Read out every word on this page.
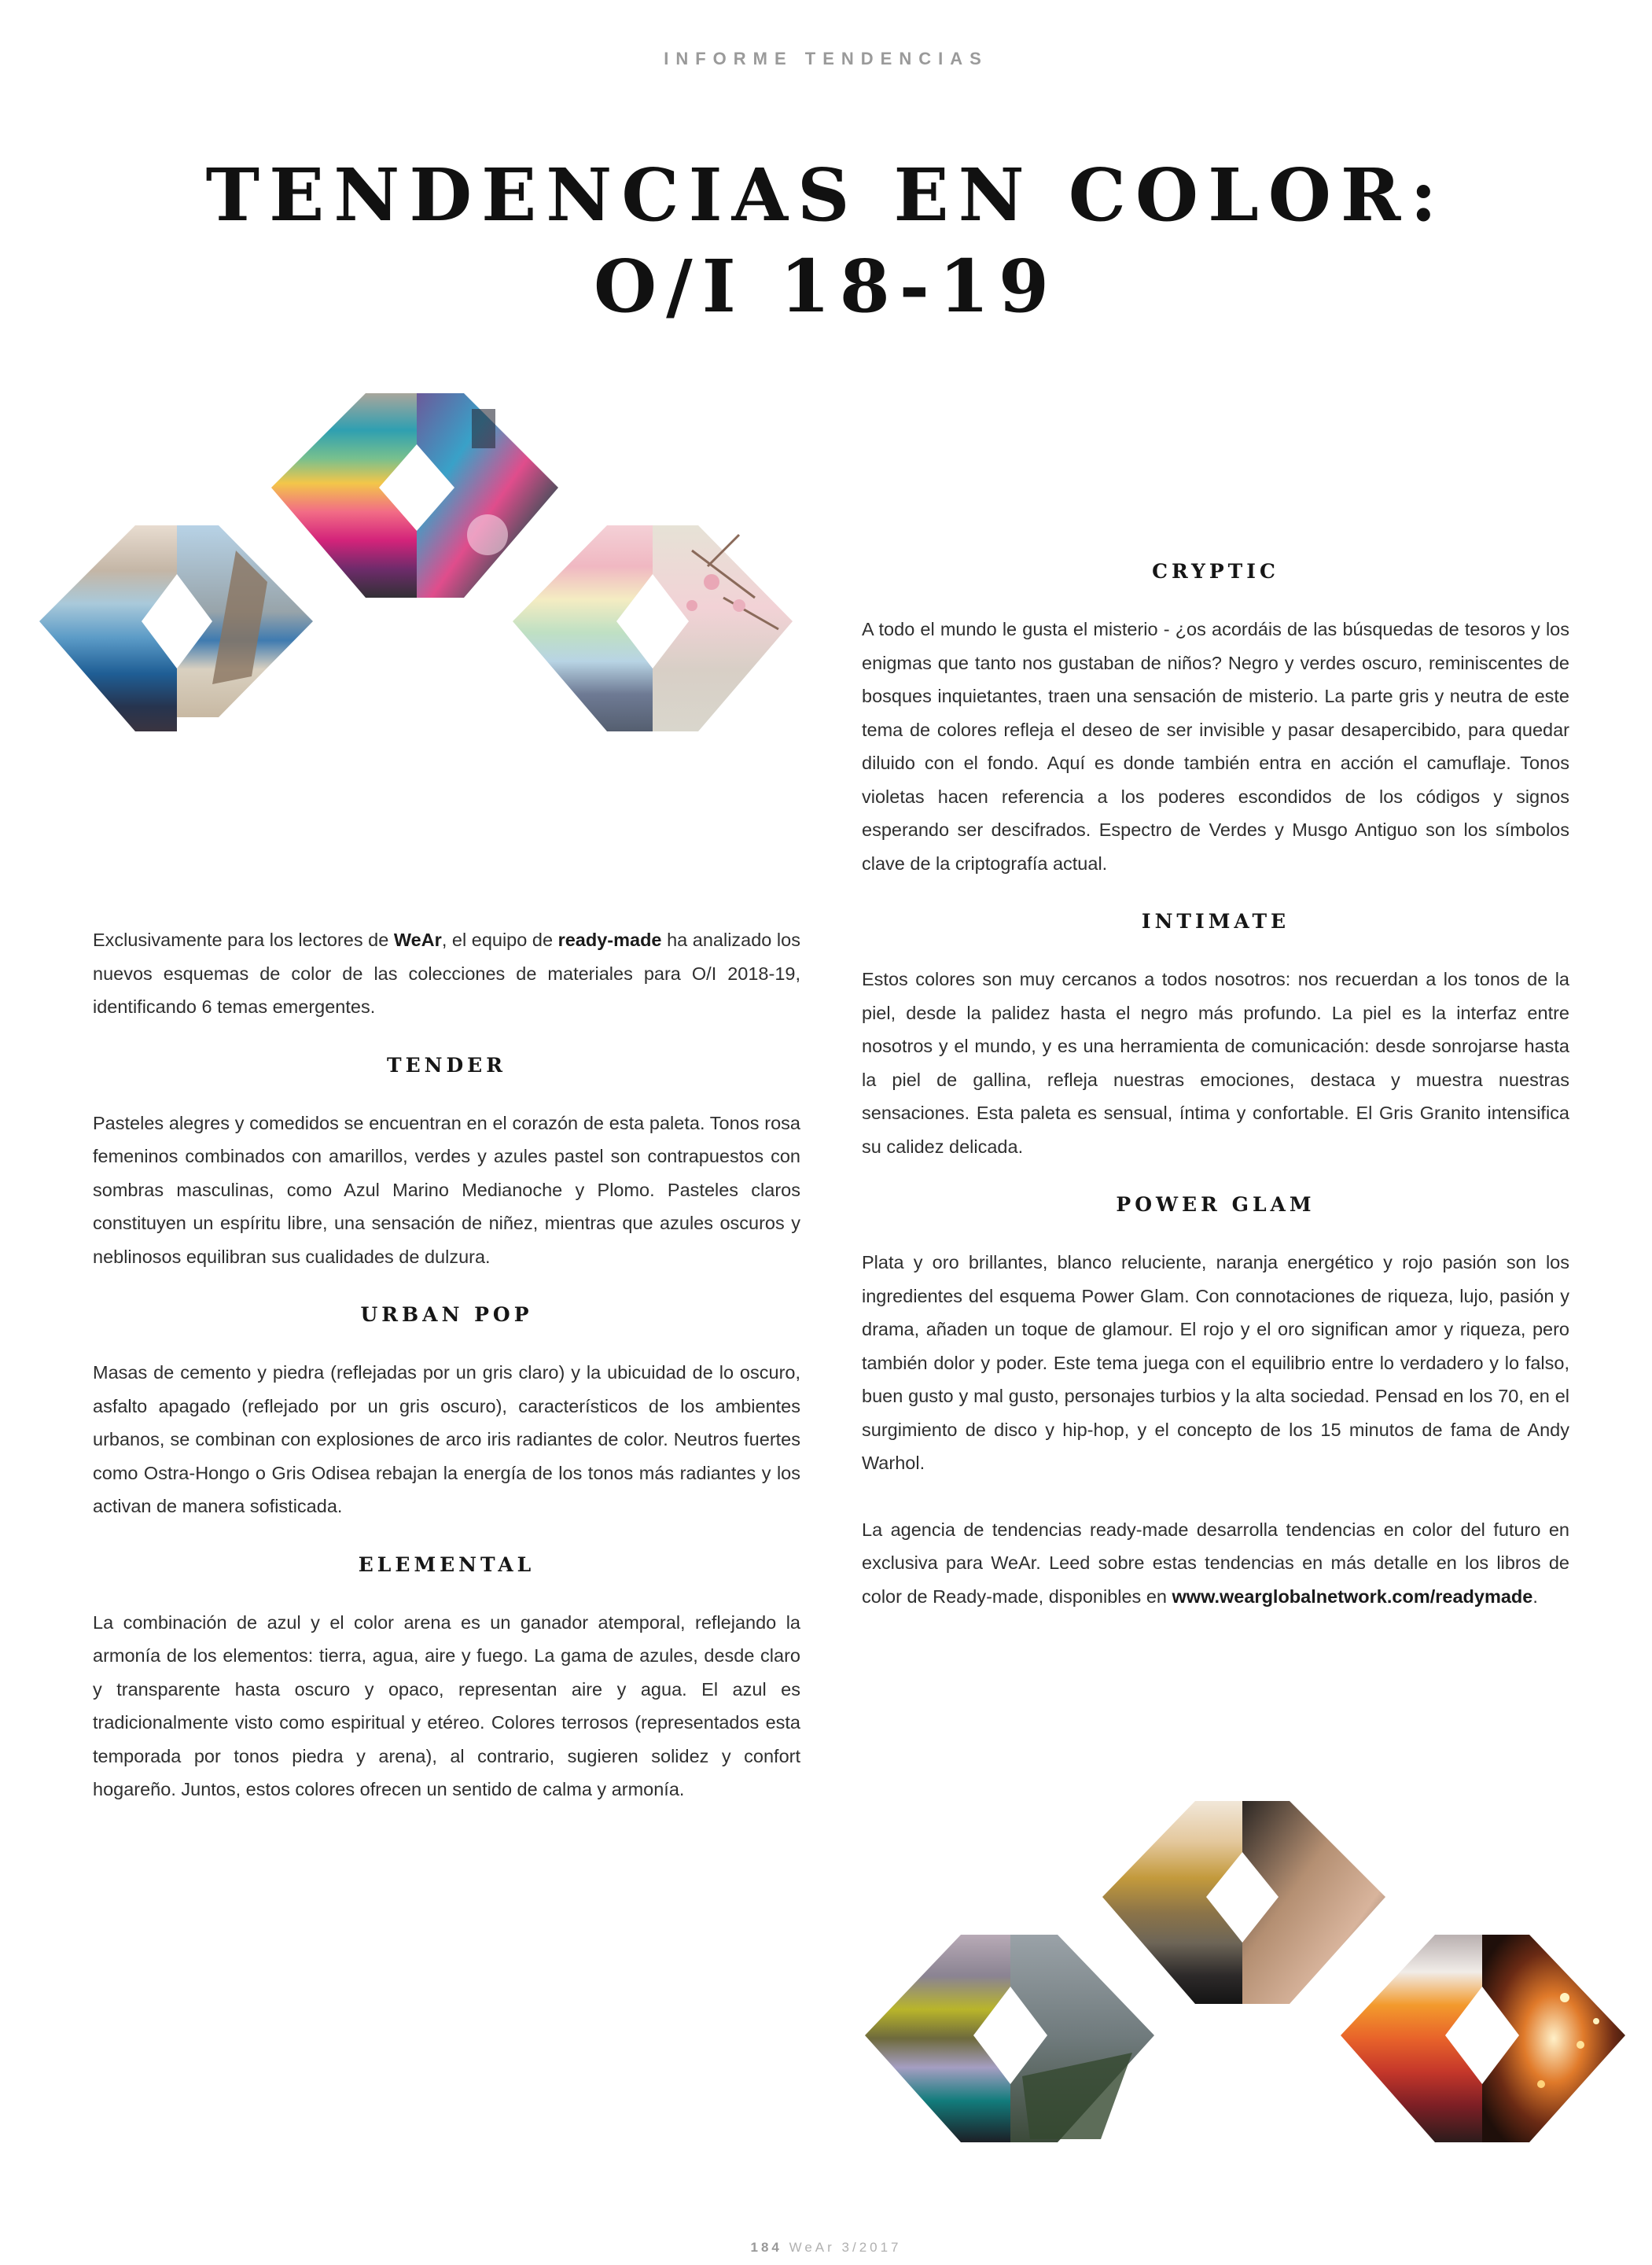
INFORME TENDENCIAS
TENDENCIAS EN COLOR:
O/I 18-19

Exclusivamente para los lectores de WeAr, el equipo de ready-made ha analizado los nuevos esquemas de color de las colecciones de materiales para O/I 2018-19, identificando 6 temas emergentes.

TENDER

Pasteles alegres y comedidos se encuentran en el corazón de esta paleta. Tonos rosa femeninos combinados con amarillos, verdes y azules pastel son contrapuestos con sombras masculinas, como Azul Marino Medianoche y Plomo. Pasteles claros constituyen un espíritu libre, una sensación de niñez, mientras que azules oscuros y neblinosos equilibran sus cualidades de dulzura.

URBAN POP

Masas de cemento y piedra (reflejadas por un gris claro) y la ubicuidad de lo oscuro, asfalto apagado (reflejado por un gris oscuro), característicos de los ambientes urbanos, se combinan con explosiones de arco iris radiantes de color. Neutros fuertes como Ostra-Hongo o Gris Odisea rebajan la energía de los tonos más radiantes y los activan de manera sofisticada.

ELEMENTAL

La combinación de azul y el color arena es un ganador atemporal, reflejando la armonía de los elementos: tierra, agua, aire y fuego. La gama de azules, desde claro y transparente hasta oscuro y opaco, representan aire y agua. El azul es tradicionalmente visto como espiritual y etéreo. Colores terrosos (representados esta temporada por tonos piedra y arena), al contrario, sugieren solidez y confort hogareño. Juntos, estos colores ofrecen un sentido de calma y armonía.

CRYPTIC

A todo el mundo le gusta el misterio - ¿os acordáis de las búsquedas de tesoros y los enigmas que tanto nos gustaban de niños? Negro y verdes oscuro, reminiscentes de bosques inquietantes, traen una sensación de misterio. La parte gris y neutra de este tema de colores refleja el deseo de ser invisible y pasar desapercibido, para quedar diluido con el fondo. Aquí es donde también entra en acción el camuflaje. Tonos violetas hacen referencia a los poderes escondidos de los códigos y signos esperando ser descifrados. Espectro de Verdes y Musgo Antiguo son los símbolos clave de la criptografía actual.

INTIMATE

Estos colores son muy cercanos a todos nosotros: nos recuerdan a los tonos de la piel, desde la palidez hasta el negro más profundo. La piel es la interfaz entre nosotros y el mundo, y es una herramienta de comunicación: desde sonrojarse hasta la piel de gallina, refleja nuestras emociones, destaca y muestra nuestras sensaciones. Esta paleta es sensual, íntima y confortable. El Gris Granito intensifica su calidez delicada.

POWER GLAM

Plata y oro brillantes, blanco reluciente, naranja energético y rojo pasión son los ingredientes del esquema Power Glam. Con connotaciones de riqueza, lujo, pasión y drama, añaden un toque de glamour. El rojo y el oro significan amor y riqueza, pero también dolor y poder. Este tema juega con el equilibrio entre lo verdadero y lo falso, buen gusto y mal gusto, personajes turbios y la alta sociedad. Pensad en los 70, en el surgimiento de disco y hip-hop, y el concepto de los 15 minutos de fama de Andy Warhol.

La agencia de tendencias ready-made desarrolla tendencias en color del futuro en exclusiva para WeAr. Leed sobre estas tendencias en más detalle en los libros de color de Ready-made, disponibles en www.wearglobalnetwork.com/readymade.

184 WeAr 3/2017
